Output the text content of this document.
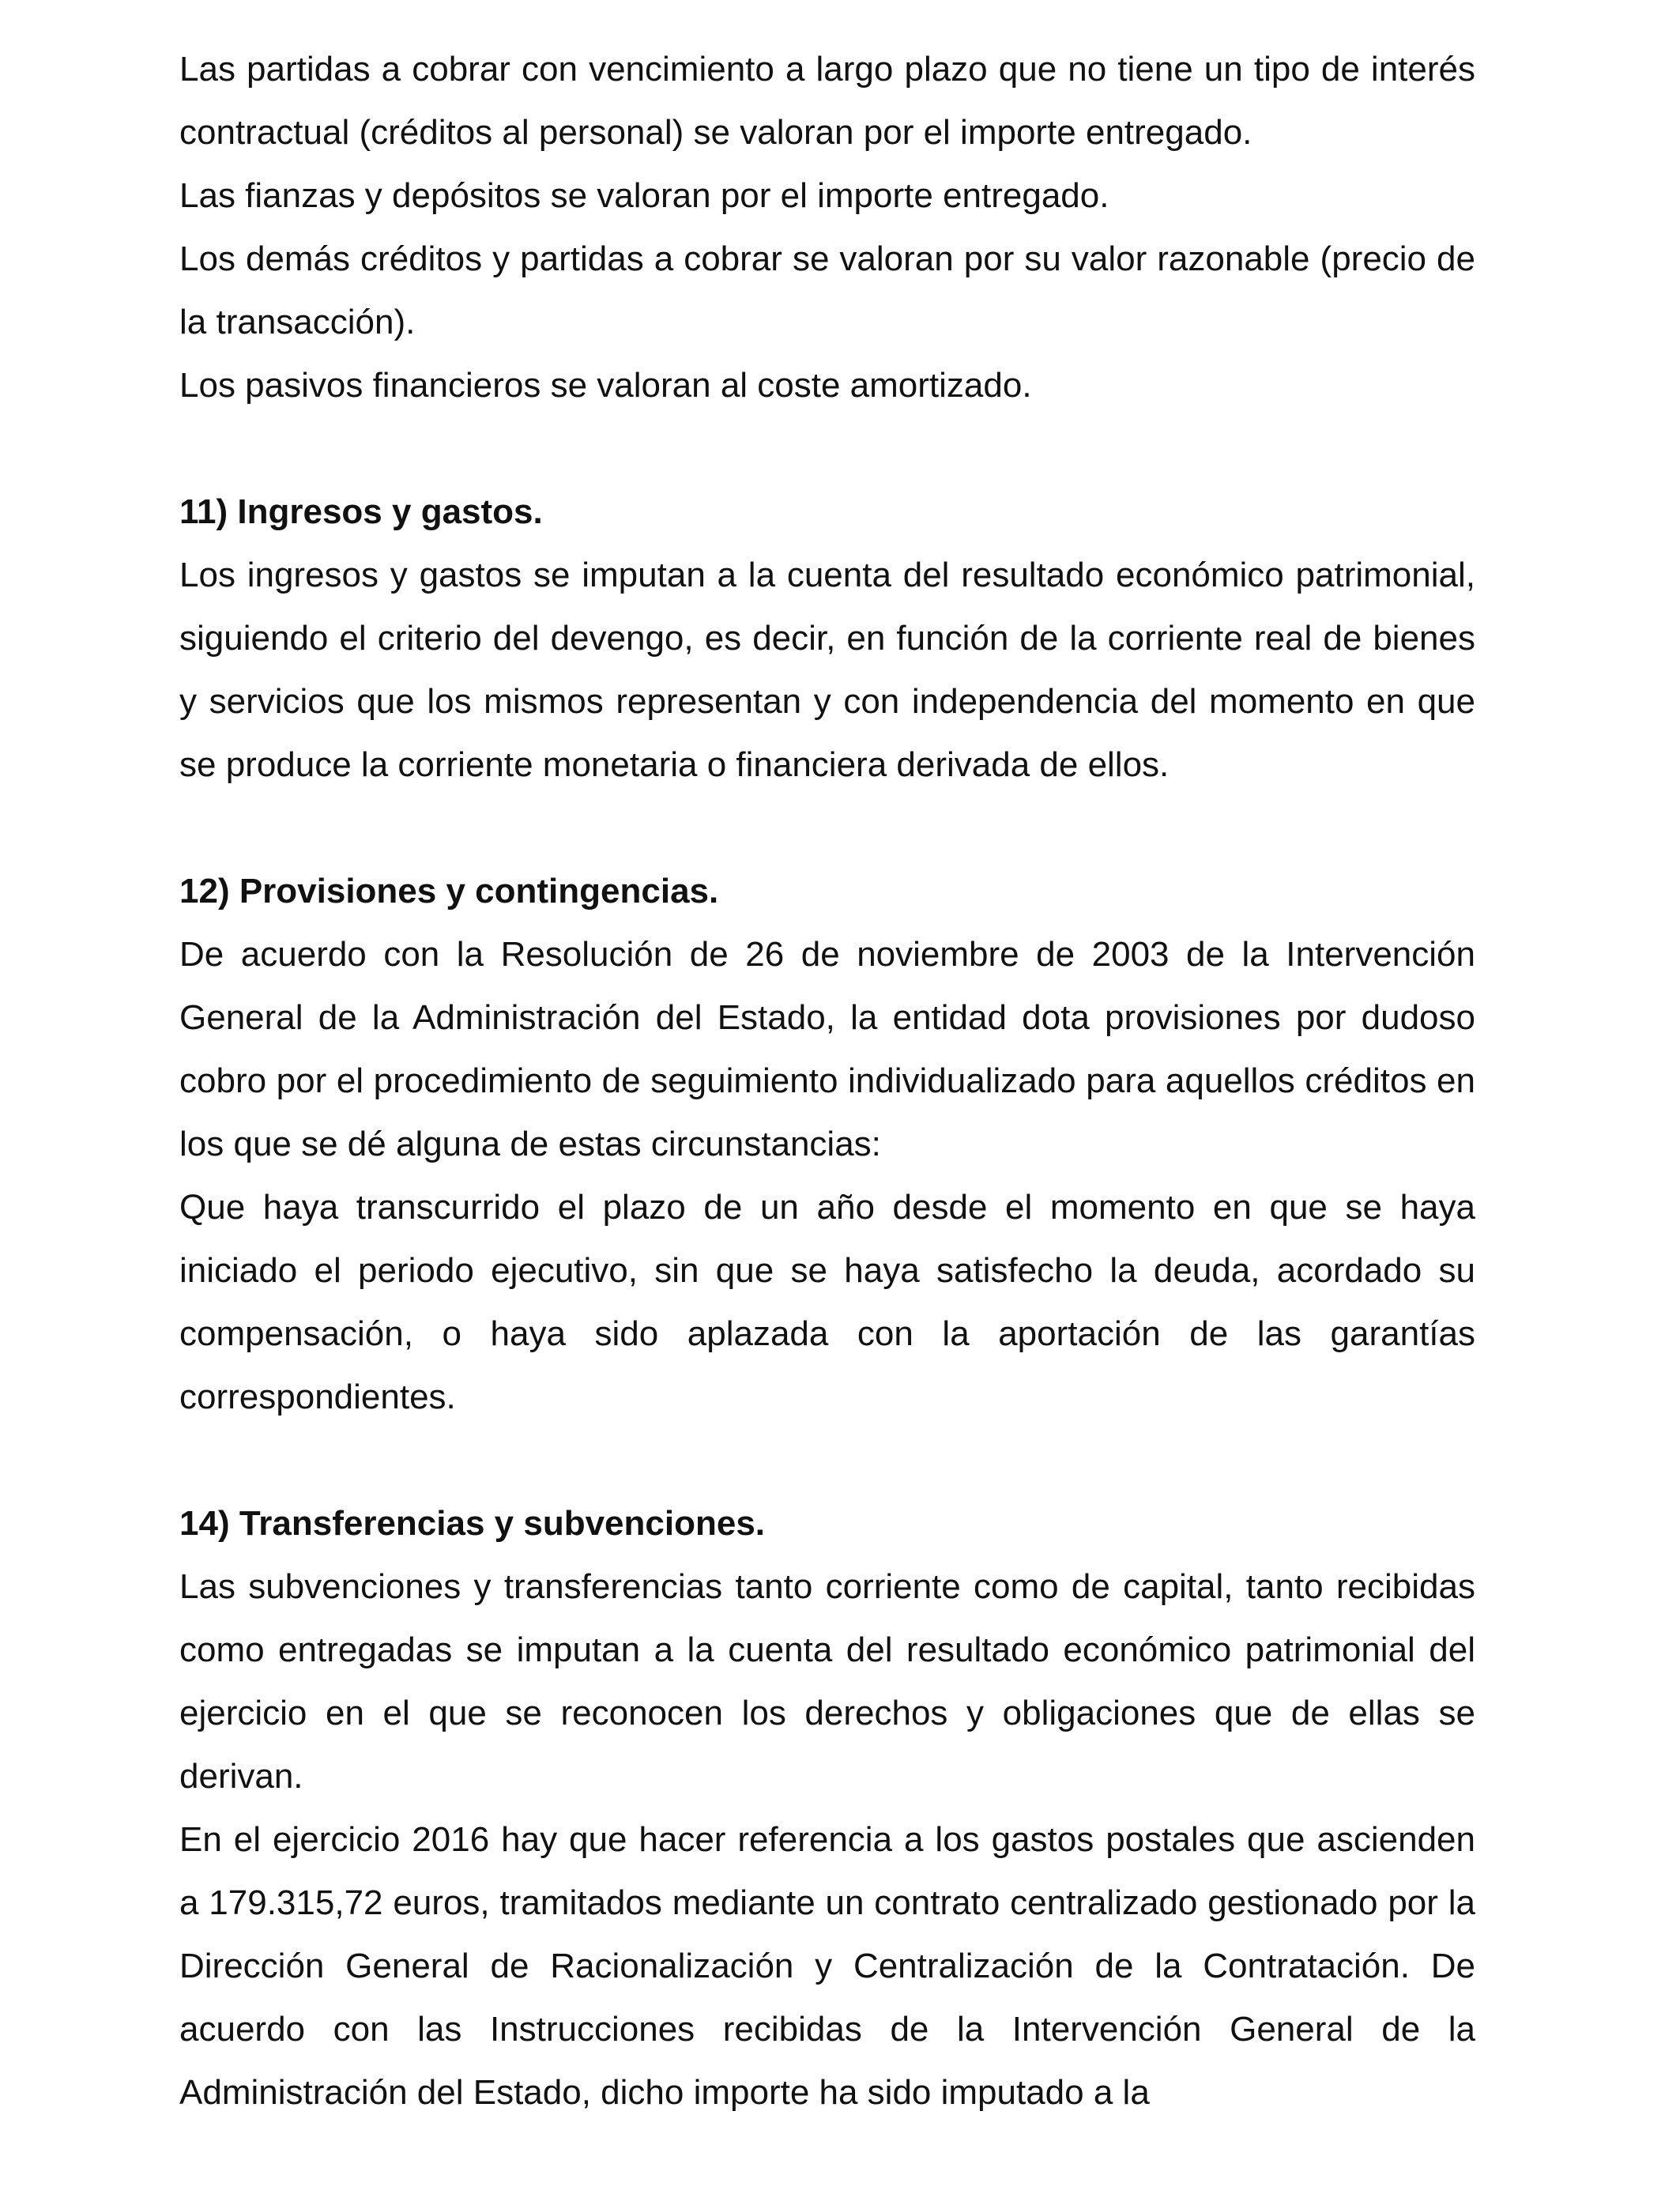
Las partidas a cobrar con vencimiento a largo plazo que no tiene un tipo de interés contractual (créditos al personal) se valoran por el importe entregado.

Las fianzas y depósitos se valoran por el importe entregado.

Los demás créditos y partidas a cobrar se valoran por su valor razonable (precio de la transacción).

Los pasivos financieros se valoran al coste amortizado.

11) Ingresos y gastos.

Los ingresos y gastos se imputan a la cuenta del resultado económico patrimonial, siguiendo el criterio del devengo, es decir, en función de la corriente real de bienes y servicios que los mismos representan y con independencia del momento en que se produce la corriente monetaria o financiera derivada de ellos.

12) Provisiones y contingencias.

De acuerdo con la Resolución de 26 de noviembre de 2003 de la Intervención General de la Administración del Estado, la entidad dota provisiones por dudoso cobro por el procedimiento de seguimiento individualizado para aquellos créditos en los que se dé alguna de estas circunstancias:

Que haya transcurrido el plazo de un año desde el momento en que se haya iniciado el periodo ejecutivo, sin que se haya satisfecho la deuda, acordado su compensación, o haya sido aplazada con la aportación de las garantías correspondientes.

14) Transferencias y subvenciones.

Las subvenciones y transferencias tanto corriente como de capital, tanto recibidas como entregadas se imputan a la cuenta del resultado económico patrimonial del ejercicio en el que se reconocen los derechos y obligaciones que de ellas se derivan.

En el ejercicio 2016 hay que hacer referencia a los gastos postales que ascienden a 179.315,72 euros, tramitados mediante un contrato centralizado gestionado por la Dirección General de Racionalización y Centralización de la Contratación. De acuerdo con las Instrucciones recibidas de la Intervención General de la Administración del Estado, dicho importe ha sido imputado a la
